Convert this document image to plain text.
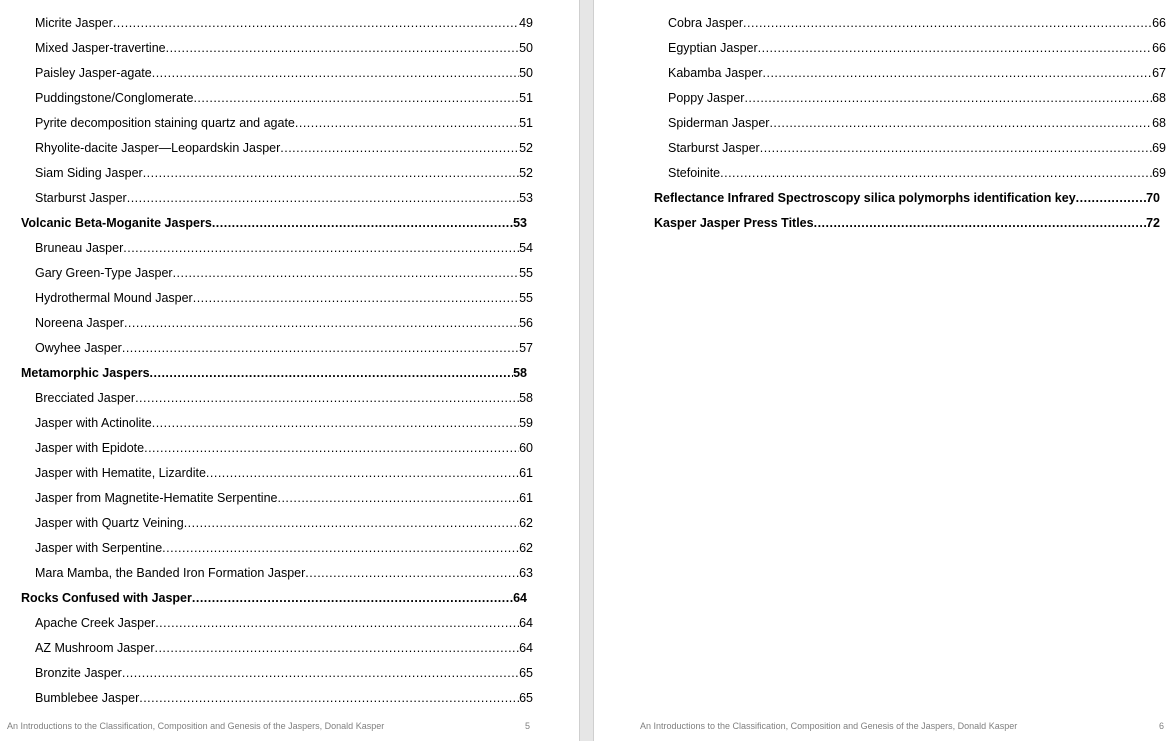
Micrite Jasper .....	49
Mixed Jasper-travertine .....	50
Paisley Jasper-agate .....	50
Puddingstone/Conglomerate .....	51
Pyrite decomposition staining quartz and agate .....	51
Rhyolite-dacite Jasper—Leopardskin Jasper .....	52
Siam Siding Jasper .....	52
Starburst Jasper .....	53
Volcanic Beta-Moganite Jaspers .....	53
Bruneau Jasper .....	54
Gary Green-Type Jasper .....	55
Hydrothermal Mound Jasper .....	55
Noreena Jasper .....	56
Owyhee Jasper .....	57
Metamorphic Jaspers .....	58
Brecciated Jasper .....	58
Jasper with Actinolite .....	59
Jasper with Epidote .....	60
Jasper with Hematite, Lizardite .....	61
Jasper from Magnetite-Hematite Serpentine .....	61
Jasper with Quartz Veining .....	62
Jasper with Serpentine .....	62
Mara Mamba, the Banded Iron Formation Jasper .....	63
Rocks Confused with Jasper .....	64
Apache Creek Jasper .....	64
AZ Mushroom Jasper .....	64
Bronzite Jasper .....	65
Bumblebee Jasper .....	65
An Introductions to the Classification, Composition and Genesis of the Jaspers, Donald Kasper	5
Cobra Jasper .....	66
Egyptian Jasper .....	66
Kabamba Jasper .....	67
Poppy Jasper .....	68
Spiderman Jasper .....	68
Starburst Jasper .....	69
Stefoinite .....	69
Reflectance Infrared Spectroscopy silica polymorphs identification key .....	70
Kasper Jasper Press Titles .....	72
An Introductions to the Classification, Composition and Genesis of the Jaspers, Donald Kasper	6
